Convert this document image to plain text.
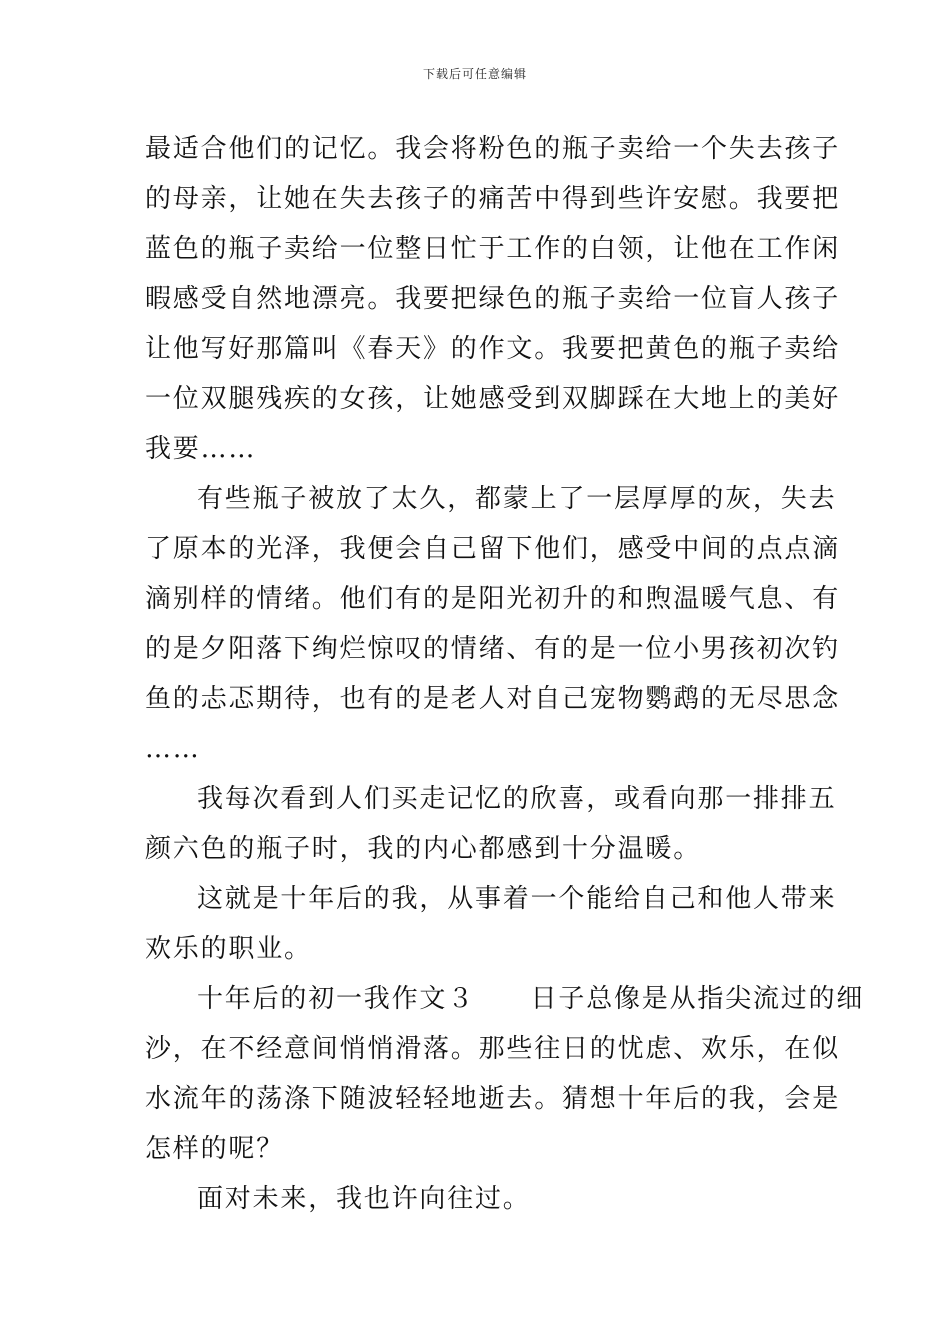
下载后可任意编辑
最适合他们的记忆。我会将粉色的瓶子卖给一个失去孩子
的母亲，让她在失去孩子的痛苦中得到些许安慰。我要把
蓝色的瓶子卖给一位整日忙于工作的白领，让他在工作闲
暇感受自然地漂亮。我要把绿色的瓶子卖给一位盲人孩子
让他写好那篇叫《春天》的作文。我要把黄色的瓶子卖给
一位双腿残疾的女孩，让她感受到双脚踩在大地上的美好
我要……
有些瓶子被放了太久，都蒙上了一层厚厚的灰，失去
了原本的光泽，我便会自己留下他们，感受中间的点点滴
滴别样的情绪。他们有的是阳光初升的和煦温暖气息、有
的是夕阳落下绚烂惊叹的情绪、有的是一位小男孩初次钓
鱼的忐忑期待，也有的是老人对自己宠物鹦鹉的无尽思念
……
我每次看到人们买走记忆的欣喜，或看向那一排排五
颜六色的瓶子时，我的内心都感到十分温暖。
这就是十年后的我，从事着一个能给自己和他人带来
欢乐的职业。
十年后的初一我作文３　　日子总像是从指尖流过的细
沙，在不经意间悄悄滑落。那些往日的忧虑、欢乐，在似
水流年的荡涤下随波轻轻地逝去。猜想十年后的我，会是
怎样的呢？
面对未来，我也许向往过。
